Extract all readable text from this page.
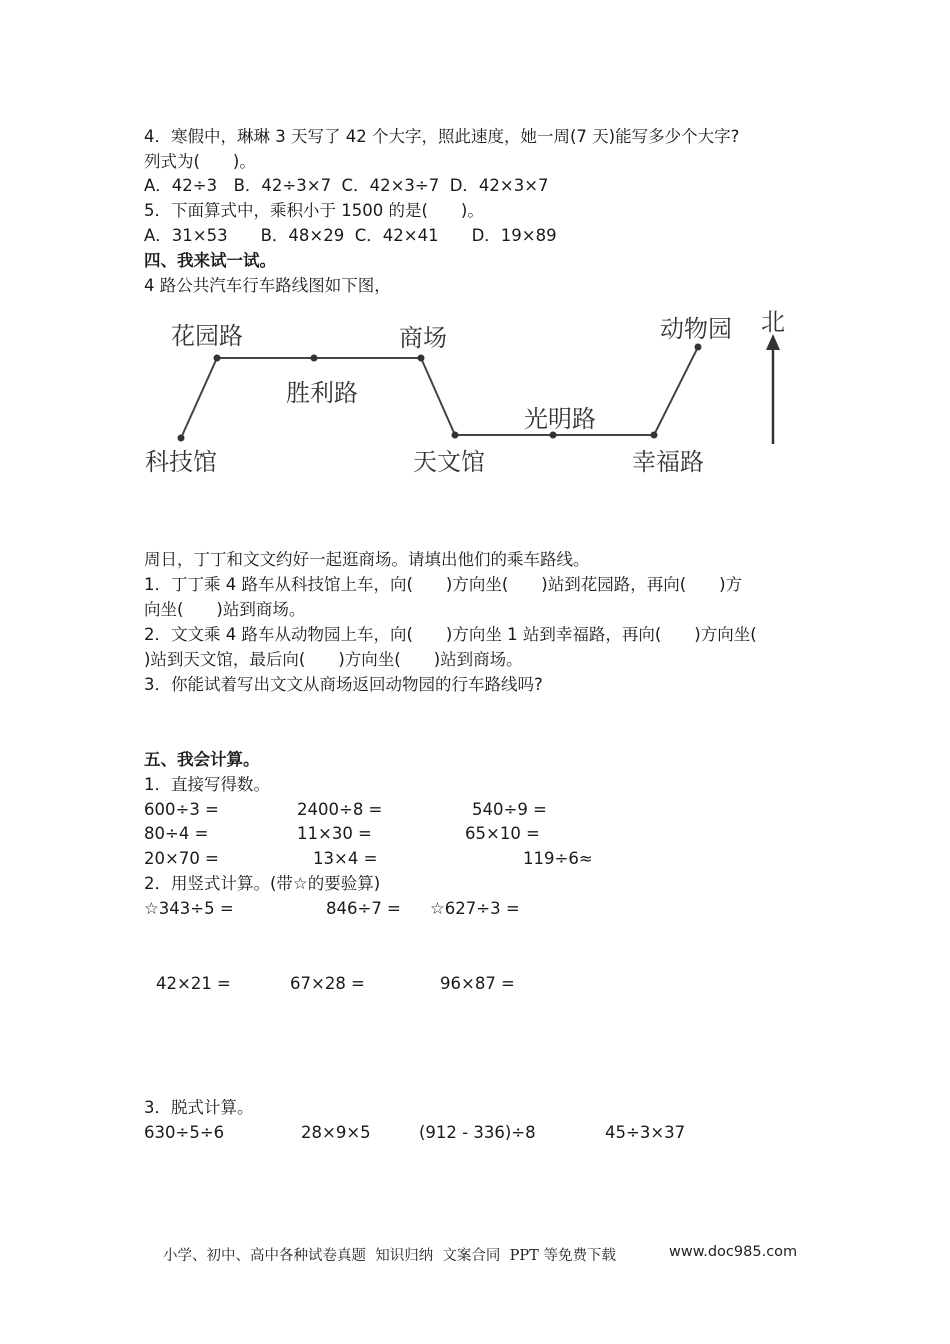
4．寒假中，琳琳 3 天写了 42 个大字，照此速度，她一周(7 天)能写多少个大字?
列式为(　　)。
A．42÷3　B．42÷3×7  C．42×3÷7  D．42×3×7
5．下面算式中，乘积小于 1500 的是(　　)。
A．31×53　　B．48×29  C．42×41　　D．19×89
四、我来试一试。
4 路公共汽车行车路线图如下图，
花园路	商场
胜利路
科技馆	天文馆
光明路
动物园
幸福路
北
周日，丁丁和文文约好一起逛商场。请填出他们的乘车路线。
1．丁丁乘 4 路车从科技馆上车，向(　　)方向坐(　　)站到花园路，再向(　　)方
向坐(　　)站到商场。
2．文文乘 4 路车从动物园上车，向(　　)方向坐 1 站到幸福路，再向(　　)方向坐(
)站到天文馆，最后向(　　)方向坐(　　)站到商场。
3．你能试着写出文文从商场返回动物园的行车路线吗?
五、我会计算。
1．直接写得数。
600÷3 =	2400÷8 =	540÷9 =
80÷4 =	11×30 =	65×10 =
20×70 =	13×4 =	119÷6≈
2．用竖式计算。(带☆的要验算)
☆343÷5 =	846÷7 = ☆627÷3 =
42×21 =	67×28 =	96×87 =
3．脱式计算。
630÷5÷6	28×9×5	(912 - 336)÷8	45÷3×37
小学、初中、高中各种试卷真题  知识归纳  文案合同  PPT 等免费下载	www.doc985.com
